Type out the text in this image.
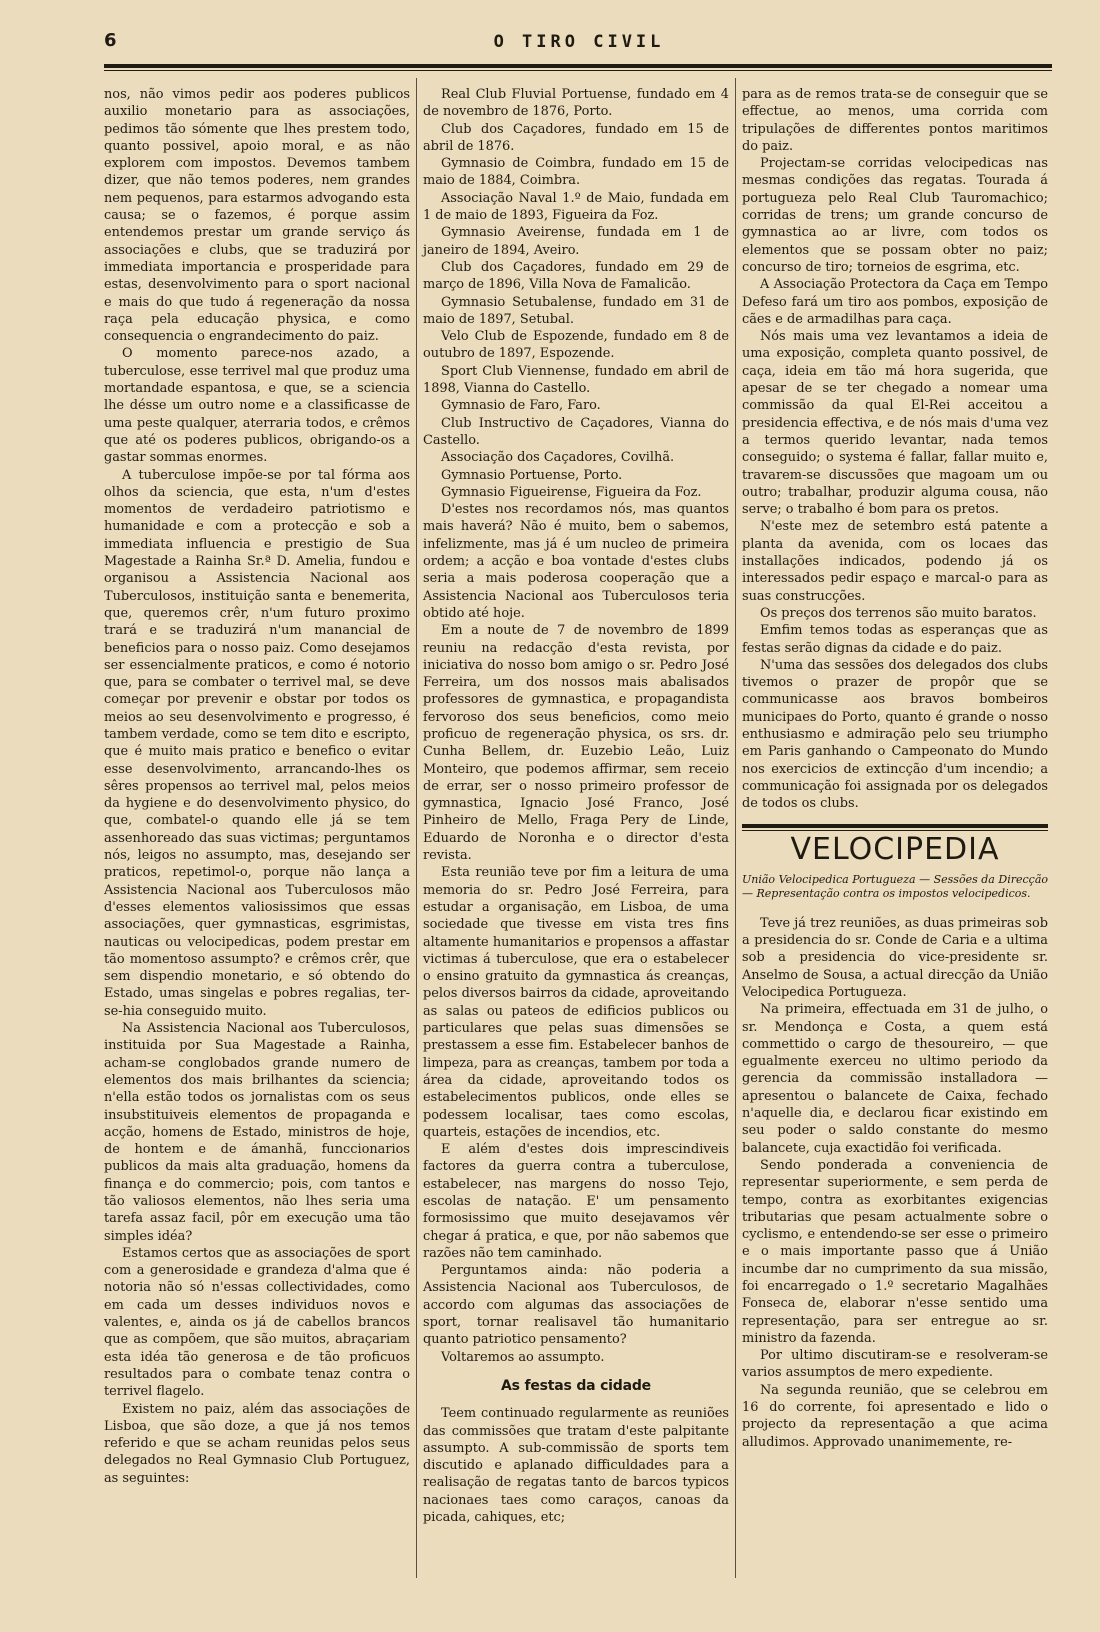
6	O TIRO CIVIL

nos, não vimos pedir aos poderes publicos auxilio monetario para as associações, pedimos tão sómente que lhes prestem todo, quanto possivel, apoio moral, e as não explorem com impostos. Devemos tambem dizer, que não temos poderes, nem grandes nem pequenos, para estarmos advogando esta causa; se o fazemos, é porque assim entendemos prestar um grande serviço ás associações e clubs, que se traduzirá por immediata importancia e prosperidade para estas, desenvolvimento para o sport nacional e mais do que tudo á regeneração da nossa raça pela educação physica, e como consequencia o engrandecimento do paiz.

O momento parece-nos azado, a tuberculose, esse terrivel mal que produz uma mortandade espantosa, e que, se a sciencia lhe désse um outro nome e a classificasse de uma peste qualquer, aterraria todos, e crêmos que até os poderes publicos, obrigando-os a gastar sommas enormes.

A tuberculose impõe-se por tal fórma aos olhos da sciencia, que esta, n'um d'estes momentos de verdadeiro patriotismo e humanidade e com a protecção e sob a immediata influencia e prestigio de Sua Magestade a Rainha Sr.ª D. Amelia, fundou e organisou a Assistencia Nacional aos Tuberculosos, instituição santa e benemerita, que, queremos crêr, n'um futuro proximo trará e se traduzirá n'um manancial de beneficios para o nosso paiz. Como desejamos ser essencialmente praticos, e como é notorio que, para se combater o terrivel mal, se deve começar por prevenir e obstar por todos os meios ao seu desenvolvimento e progresso, é tambem verdade, como se tem dito e escripto, que é muito mais pratico e benefico o evitar esse desenvolvimento, arrancando-lhes os sêres propensos ao terrivel mal, pelos meios da hygiene e do desenvolvimento physico, do que, combatel-o quando elle já se tem assenhoreado das suas victimas; perguntamos nós, leigos no assumpto, mas, desejando ser praticos, repetimol-o, porque não lança a Assistencia Nacional aos Tuberculosos mão d'esses elementos valiosissimos que essas associações, quer gymnasticas, esgrimistas, nauticas ou velocipedicas, podem prestar em tão momentoso assumpto? e crêmos crêr, que sem dispendio monetario, e só obtendo do Estado, umas singelas e pobres regalias, ter-se-hia conseguido muito.

Na Assistencia Nacional aos Tuberculosos, instituida por Sua Magestade a Rainha, acham-se conglobados grande numero de elementos dos mais brilhantes da sciencia; n'ella estão todos os jornalistas com os seus insubstituiveis elementos de propaganda e acção, homens de Estado, ministros de hoje, de hontem e de ámanhã, funccionarios publicos da mais alta graduação, homens da finança e do commercio; pois, com tantos e tão valiosos elementos, não lhes seria uma tarefa assaz facil, pôr em execução uma tão simples idéa?

Estamos certos que as associações de sport com a generosidade e grandeza d'alma que é notoria não só n'essas collectividades, como em cada um desses individuos novos e valentes, e, ainda os já de cabellos brancos que as compõem, que são muitos, abraçariam esta idéa tão generosa e de tão proficuos resultados para o combate tenaz contra o terrivel flagelo.

Existem no paiz, além das associações de Lisboa, que são doze, a que já nos temos referido e que se acham reunidas pelos seus delegados no Real Gymnasio Club Portuguez, as seguintes:

Real Club Fluvial Portuense, fundado em 4 de novembro de 1876, Porto.

Club dos Caçadores, fundado em 15 de abril de 1876.

Gymnasio de Coimbra, fundado em 15 de maio de 1884, Coimbra.

Associação Naval 1.º de Maio, fundada em 1 de maio de 1893, Figueira da Foz.

Gymnasio Aveirense, fundada em 1 de janeiro de 1894, Aveiro.

Club dos Caçadores, fundado em 29 de março de 1896, Villa Nova de Famalicão.

Gymnasio Setubalense, fundado em 31 de maio de 1897, Setubal.

Velo Club de Espozende, fundado em 8 de outubro de 1897, Espozende.

Sport Club Viennense, fundado em abril de 1898, Vianna do Castello.

Gymnasio de Faro, Faro.

Club Instructivo de Caçadores, Vianna do Castello.

Associação dos Caçadores, Covilhã.

Gymnasio Portuense, Porto.

Gymnasio Figueirense, Figueira da Foz.

D'estes nos recordamos nós, mas quantos mais haverá? Não é muito, bem o sabemos, infelizmente, mas já é um nucleo de primeira ordem; a acção e boa vontade d'estes clubs seria a mais poderosa cooperação que a Assistencia Nacional aos Tuberculosos teria obtido até hoje.

Em a noute de 7 de novembro de 1899 reuniu na redacção d'esta revista, por iniciativa do nosso bom amigo o sr. Pedro José Ferreira, um dos nossos mais abalisados professores de gymnastica, e propagandista fervoroso dos seus beneficios, como meio proficuo de regeneração physica, os srs. dr. Cunha Bellem, dr. Euzebio Leão, Luiz Monteiro, que podemos affirmar, sem receio de errar, ser o nosso primeiro professor de gymnastica, Ignacio José Franco, José Pinheiro de Mello, Fraga Pery de Linde, Eduardo de Noronha e o director d'esta revista.

Esta reunião teve por fim a leitura de uma memoria do sr. Pedro José Ferreira, para estudar a organisação, em Lisboa, de uma sociedade que tivesse em vista tres fins altamente humanitarios e propensos a affastar victimas á tuberculose, que era o estabelecer o ensino gratuito da gymnastica ás creanças, pelos diversos bairros da cidade, aproveitando as salas ou pateos de edificios publicos ou particulares que pelas suas dimensões se prestassem a esse fim. Estabelecer banhos de limpeza, para as creanças, tambem por toda a área da cidade, aproveitando todos os estabelecimentos publicos, onde elles se podessem localisar, taes como escolas, quarteis, estações de incendios, etc.

E além d'estes dois imprescindiveis factores da guerra contra a tuberculose, estabelecer, nas margens do nosso Tejo, escolas de natação. E' um pensamento formosissimo que muito desejavamos vêr chegar á pratica, e que, por não sabemos que razões não tem caminhado.

Perguntamos ainda: não poderia a Assistencia Nacional aos Tuberculosos, de accordo com algumas das associações de sport, tornar realisavel tão humanitario quanto patriotico pensamento?

Voltaremos ao assumpto.

As festas da cidade

Teem continuado regularmente as reuniões das commissões que tratam d'este palpitante assumpto. A sub-commissão de sports tem discutido e aplanado difficuldades para a realisação de regatas tanto de barcos typicos nacionaes taes como caraços, canoas da picada, cahiques, etc;

para as de remos trata-se de conseguir que se effectue, ao menos, uma corrida com tripulações de differentes pontos maritimos do paiz.

Projectam-se corridas velocipedicas nas mesmas condições das regatas. Tourada á portugueza pelo Real Club Tauromachico; corridas de trens; um grande concurso de gymnastica ao ar livre, com todos os elementos que se possam obter no paiz; concurso de tiro; torneios de esgrima, etc.

A Associação Protectora da Caça em Tempo Defeso fará um tiro aos pombos, exposição de cães e de armadilhas para caça.

Nós mais uma vez levantamos a ideia de uma exposição, completa quanto possivel, de caça, ideia em tão má hora sugerida, que apesar de se ter chegado a nomear uma commissão da qual El-Rei acceitou a presidencia effectiva, e de nós mais d'uma vez a termos querido levantar, nada temos conseguido; o systema é fallar, fallar muito e, travarem-se discussões que magoam um ou outro; trabalhar, produzir alguma cousa, não serve; o trabalho é bom para os pretos.

N'este mez de setembro está patente a planta da avenida, com os locaes das installações indicados, podendo já os interessados pedir espaço e marcal-o para as suas construcções.

Os preços dos terrenos são muito baratos.

Emfim temos todas as esperanças que as festas serão dignas da cidade e do paiz.

N'uma das sessões dos delegados dos clubs tivemos o prazer de propôr que se communicasse aos bravos bombeiros municipaes do Porto, quanto é grande o nosso enthusiasmo e admiração pelo seu triumpho em Paris ganhando o Campeonato do Mundo nos exercicios de extincção d'um incendio; a communicação foi assignada por os delegados de todos os clubs.

VELOCIPEDIA
União Velocipedica Portugueza — Sessões da Direcção — Representação contra os impostos velocipedicos.

Teve já trez reuniões, as duas primeiras sob a presidencia do sr. Conde de Caria e a ultima sob a presidencia do vice-presidente sr. Anselmo de Sousa, a actual direcção da União Velocipedica Portugueza.

Na primeira, effectuada em 31 de julho, o sr. Mendonça e Costa, a quem está commettido o cargo de thesoureiro, — que egualmente exerceu no ultimo periodo da gerencia da commissão installadora — apresentou o balancete de Caixa, fechado n'aquelle dia, e declarou ficar existindo em seu poder o saldo constante do mesmo balancete, cuja exactidão foi verificada.

Sendo ponderada a conveniencia de representar superiormente, e sem perda de tempo, contra as exorbitantes exigencias tributarias que pesam actualmente sobre o cyclismo, e entendendo-se ser esse o primeiro e o mais importante passo que á União incumbe dar no cumprimento da sua missão, foi encarregado o 1.º secretario Magalhães Fonseca de, elaborar n'esse sentido uma representação, para ser entregue ao sr. ministro da fazenda.

Por ultimo discutiram-se e resolveram-se varios assumptos de mero expediente.

Na segunda reunião, que se celebrou em 16 do corrente, foi apresentado e lido o projecto da representação a que acima alludimos. Approvado unanimemente, re-
